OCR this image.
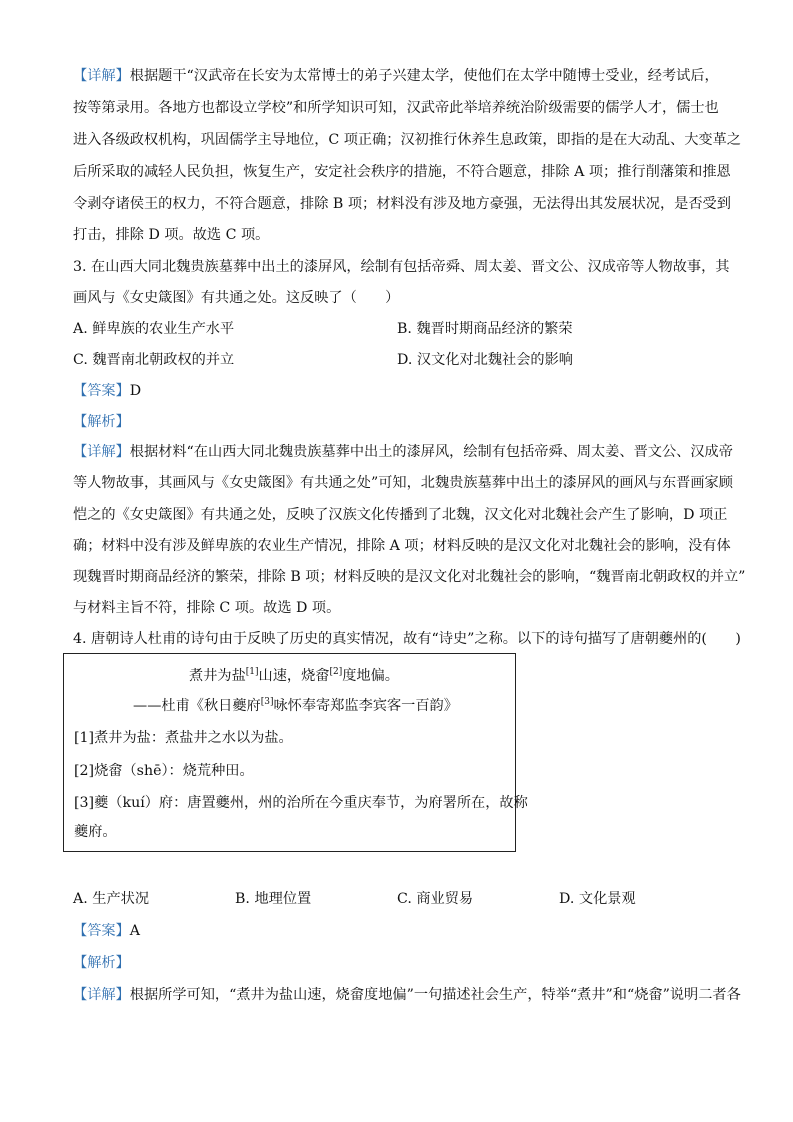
【详解】根据题干“汉武帝在长安为太常博士的弟子兴建太学，使他们在太学中随博士受业，经考试后，
按等第录用。各地方也都设立学校”和所学知识可知，汉武帝此举培养统治阶级需要的儒学人才，儒士也
进入各级政权机构，巩固儒学主导地位，C 项正确；汉初推行休养生息政策，即指的是在大动乱、大变革之
后所采取的减轻人民负担，恢复生产，安定社会秩序的措施，不符合题意，排除 A 项；推行削藩策和推恩
令剥夺诸侯王的权力，不符合题意，排除 B 项；材料没有涉及地方豪强，无法得出其发展状况，是否受到
打击，排除 D 项。故选 C 项。
3. 在山西大同北魏贵族墓葬中出土的漆屏风，绘制有包括帝舜、周太姜、晋文公、汉成帝等人物故事，其
画风与《女史箴图》有共通之处。这反映了（　　）
A. 鲜卑族的农业生产水平	B. 魏晋时期商品经济的繁荣
C. 魏晋南北朝政权的并立	D. 汉文化对北魏社会的影响
【答案】D
【解析】
【详解】根据材料“在山西大同北魏贵族墓葬中出土的漆屏风，绘制有包括帝舜、周太姜、晋文公、汉成帝
等人物故事，其画风与《女史箴图》有共通之处”可知，北魏贵族墓葬中出土的漆屏风的画风与东晋画家顾
恺之的《女史箴图》有共通之处，反映了汉族文化传播到了北魏，汉文化对北魏社会产生了影响，D 项正
确；材料中没有涉及鲜卑族的农业生产情况，排除 A 项；材料反映的是汉文化对北魏社会的影响，没有体
现魏晋时期商品经济的繁荣，排除 B 项；材料反映的是汉文化对北魏社会的影响，“魏晋南北朝政权的并立”
与材料主旨不符，排除 C 项。故选 D 项。
4. 唐朝诗人杜甫的诗句由于反映了历史的真实情况，故有“诗史”之称。以下的诗句描写了唐朝夔州的(　　)
煮井为盐[1]山速，烧畲[2]度地偏。
——杜甫《秋日夔府[3]咏怀奉寄郑监李宾客一百韵》
[1]煮井为盐：煮盐井之水以为盐。
[2]烧畲（shē）：烧荒种田。
[3]夔（kuí）府：唐置夔州，州的治所在今重庆奉节，为府署所在，故称
夔府。
A. 生产状况	B. 地理位置	C. 商业贸易	D. 文化景观
【答案】A
【解析】
【详解】根据所学可知，“煮井为盐山速，烧畲度地偏”一句描述社会生产，特举“煮井”和“烧畲”说明二者各
